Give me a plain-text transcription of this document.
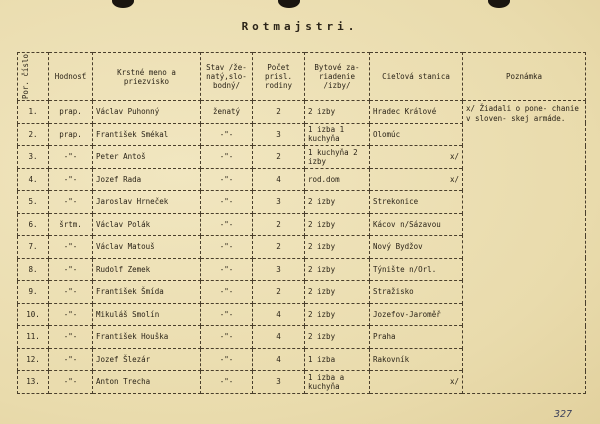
Rotmajstri.
Por. číslo	Hodnosť	Krstné meno a priezvisko	Stav /že- natý,slo- bodný/	Počet prisl. rodiny	Bytové za- riadenie /izby/	Cieľová stanica	Poznámka
1.	prap.	Václav Puhonný	ženatý	2	2 izby	Hradec Králové	x/ Žiadali o pone- chanie v sloven- skej armáde.
2.	prap.	František Smékal	-"-	3	1 izba 1 kuchyňa	Olomúc	
3.	-"-	Peter Antoš	-"-	2	1 kuchyňa 2 izby	x/	
4.	-"-	Jozef Rada	-"-	4	rod.dom	x/	
5.	-"-	Jaroslav Hrneček	-"-	3	2 izby	Strekonice	
6.	šrtm.	Václav Polák	-"-	2	2 izby	Kácov n/Sázavou	
7.	-"-	Václav Matouš	-"-	2	2 izby	Nový Bydžov	
8.	-"-	Rudolf Zemek	-"-	3	2 izby	Týnište n/Orl.	
9.	-"-	František Šmída	-"-	2	2 izby	Stražisko	
10.	-"-	Mikuláš Smolín	-"-	4	2 izby	Jozefov-Jaroměř	
11.	-"-	František Houška	-"-	4	2 izby	Praha	
12.	-"-	Jozef Šlezár	-"-	4	1 izba	Rakovník	
13.	-"-	Anton Trecha	-"-	3	1 izba a kuchyňa	x/	
327
